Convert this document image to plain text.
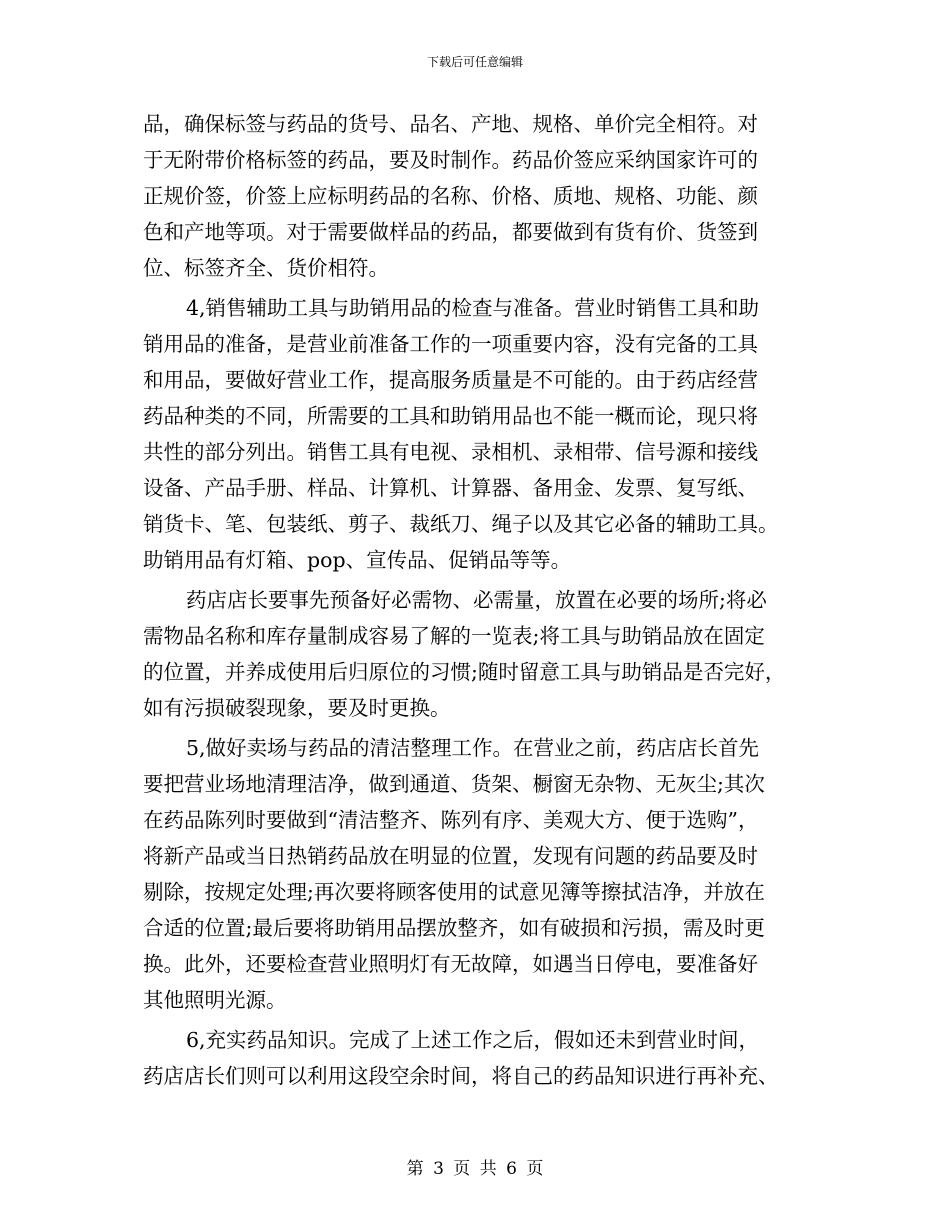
下载后可任意编辑
品，确保标签与药品的货号、品名、产地、规格、单价完全相符。对
于无附带价格标签的药品，要及时制作。药品价签应采纳国家许可的
正规价签，价签上应标明药品的名称、价格、质地、规格、功能、颜
色和产地等项。对于需要做样品的药品，都要做到有货有价、货签到
位、标签齐全、货价相符。
4,销售辅助工具与助销用品的检查与准备。营业时销售工具和助
销用品的准备，是营业前准备工作的一项重要内容，没有完备的工具
和用品，要做好营业工作，提高服务质量是不可能的。由于药店经营
药品种类的不同，所需要的工具和助销用品也不能一概而论，现只将
共性的部分列出。销售工具有电视、录相机、录相带、信号源和接线
设备、产品手册、样品、计算机、计算器、备用金、发票、复写纸、
销货卡、笔、包装纸、剪子、裁纸刀、绳子以及其它必备的辅助工具。
助销用品有灯箱、pop、宣传品、促销品等等。
药店店长要事先预备好必需物、必需量，放置在必要的场所;将必
需物品名称和库存量制成容易了解的一览表;将工具与助销品放在固定
的位置，并养成使用后归原位的习惯;随时留意工具与助销品是否完好，
如有污损破裂现象，要及时更换。
5,做好卖场与药品的清洁整理工作。在营业之前，药店店长首先
要把营业场地清理洁净，做到通道、货架、橱窗无杂物、无灰尘;其次
在药品陈列时要做到“清洁整齐、陈列有序、美观大方、便于选购”，
将新产品或当日热销药品放在明显的位置，发现有问题的药品要及时
剔除，按规定处理;再次要将顾客使用的试意见簿等擦拭洁净，并放在
合适的位置;最后要将助销用品摆放整齐，如有破损和污损，需及时更
换。此外，还要检查营业照明灯有无故障，如遇当日停电，要准备好
其他照明光源。
6,充实药品知识。完成了上述工作之后，假如还未到营业时间，
药店店长们则可以利用这段空余时间，将自己的药品知识进行再补充、
第 3 页 共 6 页
